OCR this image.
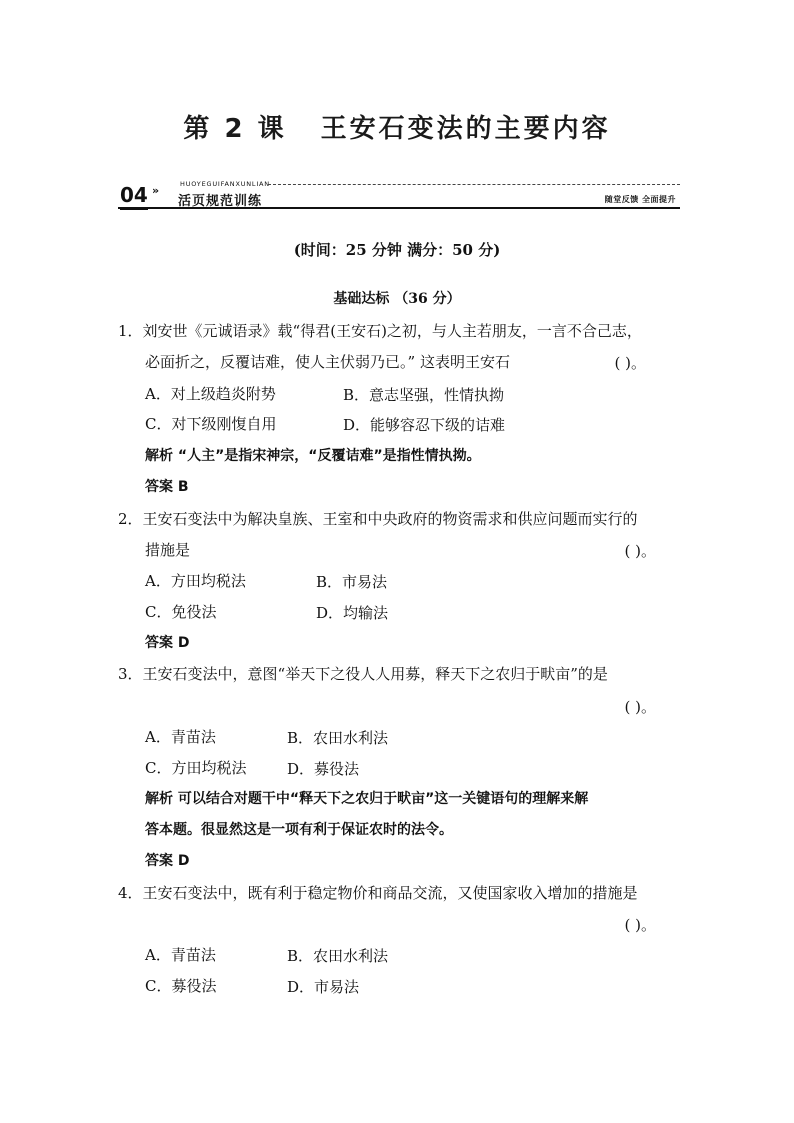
第 2 课 王安石变法的主要内容
04 »	HUOYEGUIFANXUNLIAN
活页规范训练	随堂反馈 全面提升
(时间：25 分钟 满分：50 分)
基础达标 （36 分）
1．刘安世《元诚语录》载“得君(王安石)之初，与人主若朋友，一言不合己志，
必面折之，反覆诘难，使人主伏弱乃已。” 这表明王安石	( )。
A．对上级趋炎附势	B．意志坚强，性情执拗
C．对下级刚愎自用	D．能够容忍下级的诘难
解析 “人主”是指宋神宗，“反覆诘难”是指性情执拗。
答案 B
2．王安石变法中为解决皇族、王室和中央政府的物资需求和供应问题而实行的
措施是	( )。
A．方田均税法	B．市易法
C．免役法	D．均输法
答案 D
3．王安石变法中，意图“举天下之役人人用募，释天下之农归于畎亩”的是
( )。
A．青苗法	B．农田水利法
C．方田均税法	D．募役法
解析 可以结合对题干中“释天下之农归于畎亩”这一关键语句的理解来解
答本题。很显然这是一项有利于保证农时的法令。
答案 D
4．王安石变法中，既有利于稳定物价和商品交流，又使国家收入增加的措施是
( )。
A．青苗法	B．农田水利法
C．募役法	D．市易法
